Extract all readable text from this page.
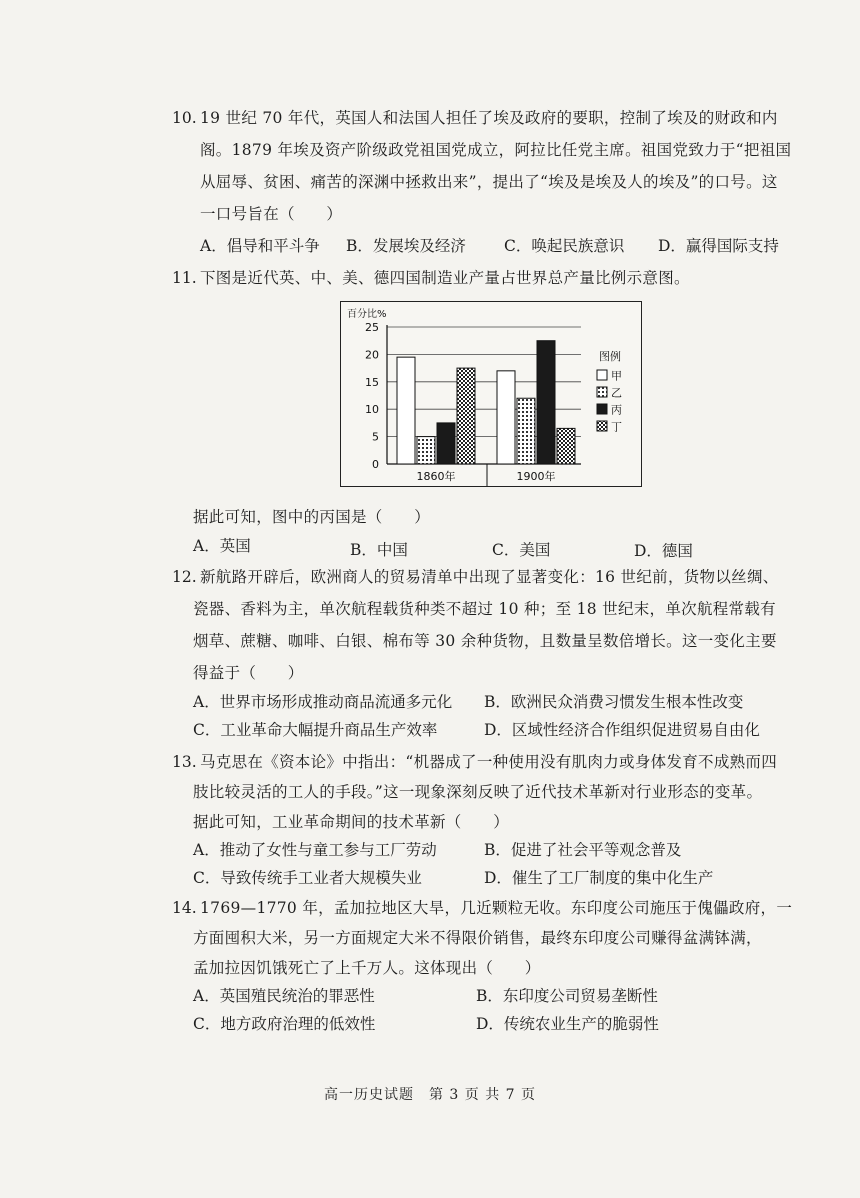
10. 19 世纪 70 年代，英国人和法国人担任了埃及政府的要职，控制了埃及的财政和内
阁。1879 年埃及资产阶级政党祖国党成立，阿拉比任党主席。祖国党致力于“把祖国
从屈辱、贫困、痛苦的深渊中拯救出来”，提出了“埃及是埃及人的埃及”的口号。这
一口号旨在（　　）
A．倡导和平斗争 B．发展埃及经济 C．唤起民族意识 D．赢得国际支持
11. 下图是近代英、中、美、德四国制造业产量占世界总产量比例示意图。
百分比%
0
5
10
15
20
25
1860年	1900年
图例
甲
乙
丙
丁
据此可知，图中的丙国是（　　）
A．英国	B．中国	C．美国	D．德国
12. 新航路开辟后，欧洲商人的贸易清单中出现了显著变化：16 世纪前，货物以丝绸、
瓷器、香料为主，单次航程载货种类不超过 10 种；至 18 世纪末，单次航程常载有
烟草、蔗糖、咖啡、白银、棉布等 30 余种货物，且数量呈数倍增长。这一变化主要
得益于（　　）
A．世界市场形成推动商品流通多元化 B．欧洲民众消费习惯发生根本性改变
C．工业革命大幅提升商品生产效率	D．区域性经济合作组织促进贸易自由化
13. 马克思在《资本论》中指出：“机器成了一种使用没有肌肉力或身体发育不成熟而四
肢比较灵活的工人的手段。”这一现象深刻反映了近代技术革新对行业形态的变革。
据此可知，工业革命期间的技术革新（　　）
A．推动了女性与童工参与工厂劳动	B．促进了社会平等观念普及
C．导致传统手工业者大规模失业	D．催生了工厂制度的集中化生产
14. 1769—1770 年，孟加拉地区大旱，几近颗粒无收。东印度公司施压于傀儡政府，一
方面囤积大米，另一方面规定大米不得限价销售，最终东印度公司赚得盆满钵满，
孟加拉因饥饿死亡了上千万人。这体现出（　　）
A．英国殖民统治的罪恶性	B．东印度公司贸易垄断性
C．地方政府治理的低效性	D．传统农业生产的脆弱性
高一历史试题　第 3 页 共 7 页
